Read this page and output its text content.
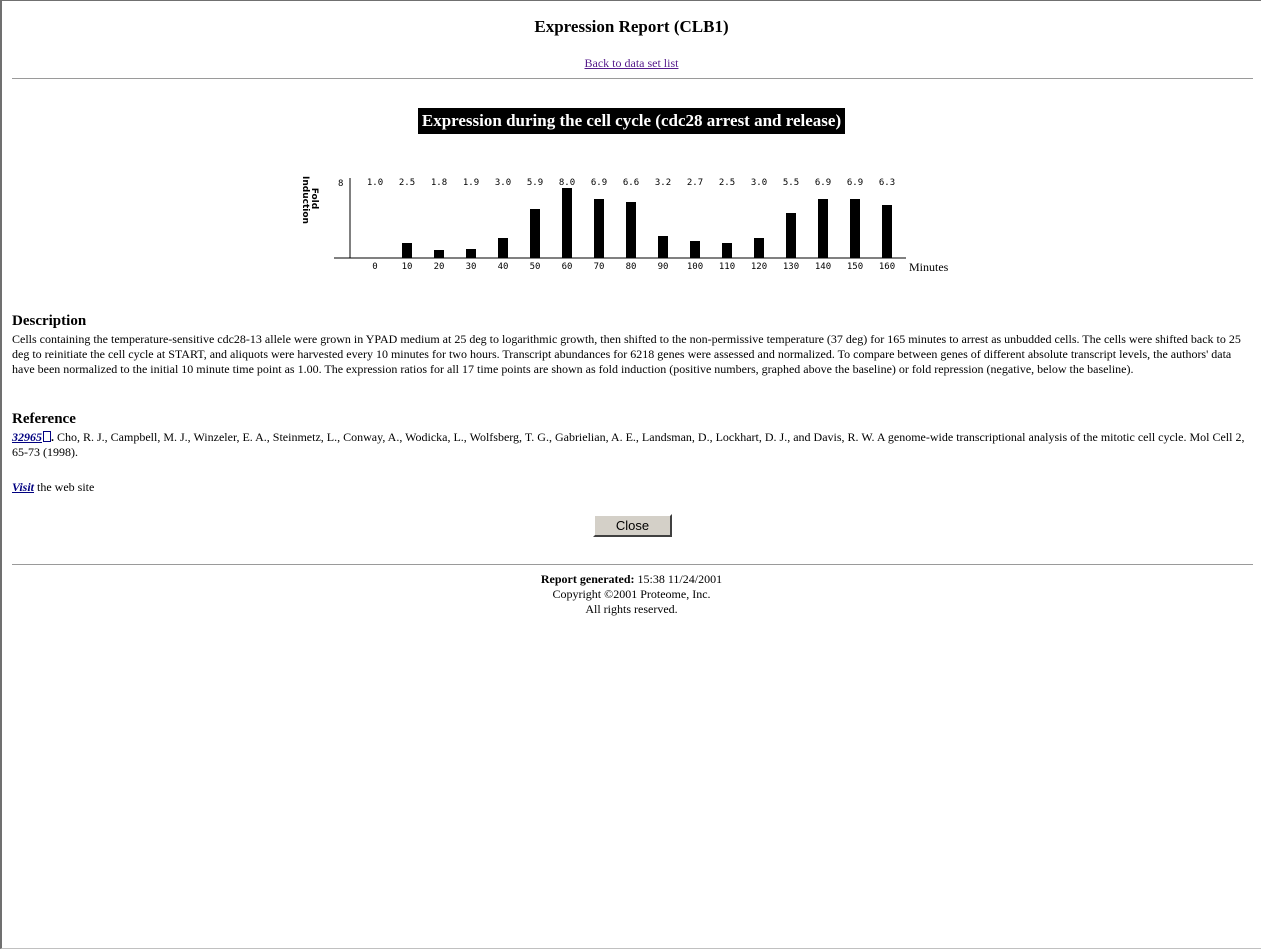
Expression Report (CLB1)
Back to data set list
Expression during the cell cycle (cdc28 arrest and release)
8
Fold Induction
Minutes
1.0 2.5 1.8 1.9 3.0 5.9 8.0 6.9 6.6 3.2 2.7 2.5 3.0 5.5 6.9 6.9 6.3
0	10 20 30 40 50 60 70 80 90 100 110 120 130 140 150 160
Description
Cells containing the temperature-sensitive cdc28-13 allele were grown in YPAD medium at 25 deg to logarithmic growth, then shifted to the non-permissive temperature (37 deg) for 165 minutes to arrest as unbudded cells. The cells were shifted back to 25 deg to reinitiate the cell cycle at START, and aliquots were harvested every 10 minutes for two hours. Transcript abundances for 6218 genes were assessed and normalized. To compare between genes of different absolute transcript levels, the authors' data have been normalized to the initial 10 minute time point as 1.00. The expression ratios for all 17 time points are shown as fold induction (positive numbers, graphed above the baseline) or fold repression (negative, below the baseline).
Reference
32965 . Cho, R. J., Campbell, M. J., Winzeler, E. A., Steinmetz, L., Conway, A., Wodicka, L., Wolfsberg, T. G., Gabrielian, A. E., Landsman, D., Lockhart, D. J., and Davis, R. W. A genome-wide transcriptional analysis of the mitotic cell cycle. Mol Cell 2, 65-73 (1998).
Visit the web site
Close
Report generated: 15:38 11/24/2001
Copyright ©2001 Proteome, Inc.
All rights reserved.
